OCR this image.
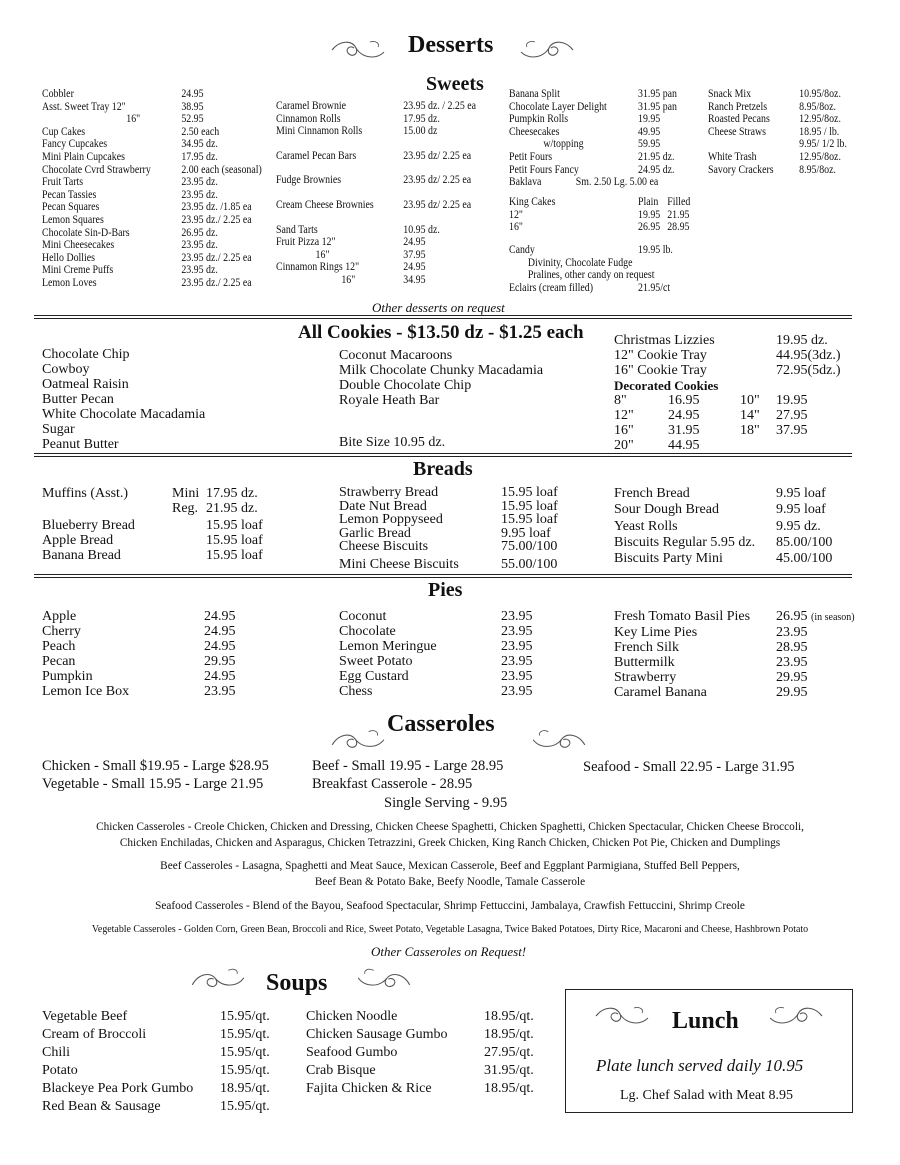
Desserts
Sweets
Cobbler	24.95
Asst. Sweet Tray 12"	38.95
16"	52.95
Cup Cakes	2.50 each
Fancy Cupcakes	34.95 dz.
Mini Plain Cupcakes	17.95 dz.
Chocolate Cvrd Strawberry	2.00 each (seasonal)
Fruit Tarts	23.95 dz.
Pecan Tassies	23.95 dz.
Pecan Squares	23.95 dz. /1.85 ea
Lemon Squares	23.95 dz./ 2.25 ea
Chocolate Sin-D-Bars	26.95 dz.
Mini Cheesecakes	23.95 dz.
Hello Dollies	23.95 dz./ 2.25 ea
Mini Creme Puffs	23.95 dz.
Lemon Loves	23.95 dz./ 2.25 ea
Caramel Brownie	23.95 dz. / 2.25 ea
Cinnamon Rolls	17.95 dz.
Mini Cinnamon Rolls	15.00 dz

Caramel Pecan Bars	23.95 dz/ 2.25 ea

Fudge Brownies	23.95 dz/ 2.25 ea

Cream Cheese Brownies	23.95 dz/ 2.25 ea

Sand Tarts	10.95 dz.
Fruit Pizza 12"	24.95
16"	37.95
Cinnamon Rings 12"	24.95
16"	34.95
Banana Split	31.95 pan
Chocolate Layer Delight	31.95 pan
Pumpkin Rolls	19.95
Cheesecakes	49.95
w/topping	59.95
Petit Fours	21.95 dz.
Petit Fours Fancy	24.95 dz.
Baklava Sm. 2.50 Lg. 5.00 ea	
King Cakes	Plain	Filled
12"	19.95	21.95
16"	26.95	28.95
Candy	19.95 lb.
Divinity, Chocolate Fudge	
Pralines, other candy on request	
Eclairs (cream filled)	21.95/ct
Snack Mix	10.95/8oz.
Ranch Pretzels	8.95/8oz.
Roasted Pecans	12.95/8oz.
Cheese Straws	18.95 / lb.
	9.95/ 1/2 lb.
White Trash	12.95/8oz.
Savory Crackers	8.95/8oz.
Other desserts on request
All Cookies - $13.50 dz - $1.25 each
Chocolate Chip
Cowboy
Oatmeal Raisin
Butter Pecan
White Chocolate Macadamia
Sugar
Peanut Butter
Coconut Macaroons
Milk Chocolate Chunky Macadamia
Double Chocolate Chip
Royale Heath Bar
Bite Size 10.95 dz.
Christmas Lizzies	19.95 dz.
12" Cookie Tray	44.95(3dz.)
16" Cookie Tray	72.95(5dz.)
Decorated Cookies	
8"	16.95	10"	19.95
12"	24.95	14"	27.95
16"	31.95	18"	37.95
20"	44.95		
Breads
Muffins (Asst.)	Mini	17.95 dz.
	Reg.	21.95 dz.
Blueberry Bread	15.95 loaf
Apple Bread	15.95 loaf
Banana Bread	15.95 loaf
Strawberry Bread	15.95 loaf
Date Nut Bread	15.95 loaf
Lemon Poppyseed	15.95 loaf
Garlic Bread	9.95 loaf
Cheese Biscuits	75.00/100
Mini Cheese Biscuits	55.00/100
French Bread	9.95 loaf
Sour Dough Bread	9.95 loaf
Yeast Rolls	9.95 dz.
Biscuits Regular 5.95 dz.	85.00/100
Biscuits Party Mini	45.00/100
Pies
Apple	24.95
Cherry	24.95
Peach	24.95
Pecan	29.95
Pumpkin	24.95
Lemon Ice Box	23.95
Coconut	23.95
Chocolate	23.95
Lemon Meringue	23.95
Sweet Potato	23.95
Egg Custard	23.95
Chess	23.95
Fresh Tomato Basil Pies	26.95 (in season)
Key Lime Pies	23.95
French Silk	28.95
Buttermilk	23.95
Strawberry	29.95
Caramel Banana	29.95
Casseroles
Chicken - Small $19.95 - Large $28.95
Vegetable - Small 15.95 - Large 21.95
Beef - Small 19.95 - Large 28.95
Breakfast Casserole - 28.95
Seafood - Small 22.95 - Large 31.95
Single Serving - 9.95
Chicken Casseroles - Creole Chicken, Chicken and Dressing, Chicken Cheese Spaghetti, Chicken Spaghetti, Chicken Spectacular, Chicken Cheese Broccoli,
Chicken Enchiladas, Chicken and Asparagus, Chicken Tetrazzini, Greek Chicken, King Ranch Chicken, Chicken Pot Pie, Chicken and Dumplings
Beef Casseroles - Lasagna, Spaghetti and Meat Sauce, Mexican Casserole, Beef and Eggplant Parmigiana, Stuffed Bell Peppers,
Beef Bean & Potato Bake, Beefy Noodle, Tamale Casserole
Seafood Casseroles - Blend of the Bayou, Seafood Spectacular, Shrimp Fettuccini, Jambalaya, Crawfish Fettuccini, Shrimp Creole
Vegetable Casseroles - Golden Corn, Green Bean, Broccoli and Rice, Sweet Potato, Vegetable Lasagna, Twice Baked Potatoes, Dirty Rice, Macaroni and Cheese, Hashbrown Potato
Other Casseroles on Request!
Soups
Vegetable Beef	15.95/qt.
Cream of Broccoli	15.95/qt.
Chili	15.95/qt.
Potato	15.95/qt.
Blackeye Pea Pork Gumbo	18.95/qt.
Red Bean & Sausage	15.95/qt.
Chicken Noodle	18.95/qt.
Chicken Sausage Gumbo	18.95/qt.
Seafood Gumbo	27.95/qt.
Crab Bisque	31.95/qt.
Fajita Chicken & Rice	18.95/qt.
Lunch
Plate lunch served daily 10.95
Lg. Chef Salad with Meat 8.95
